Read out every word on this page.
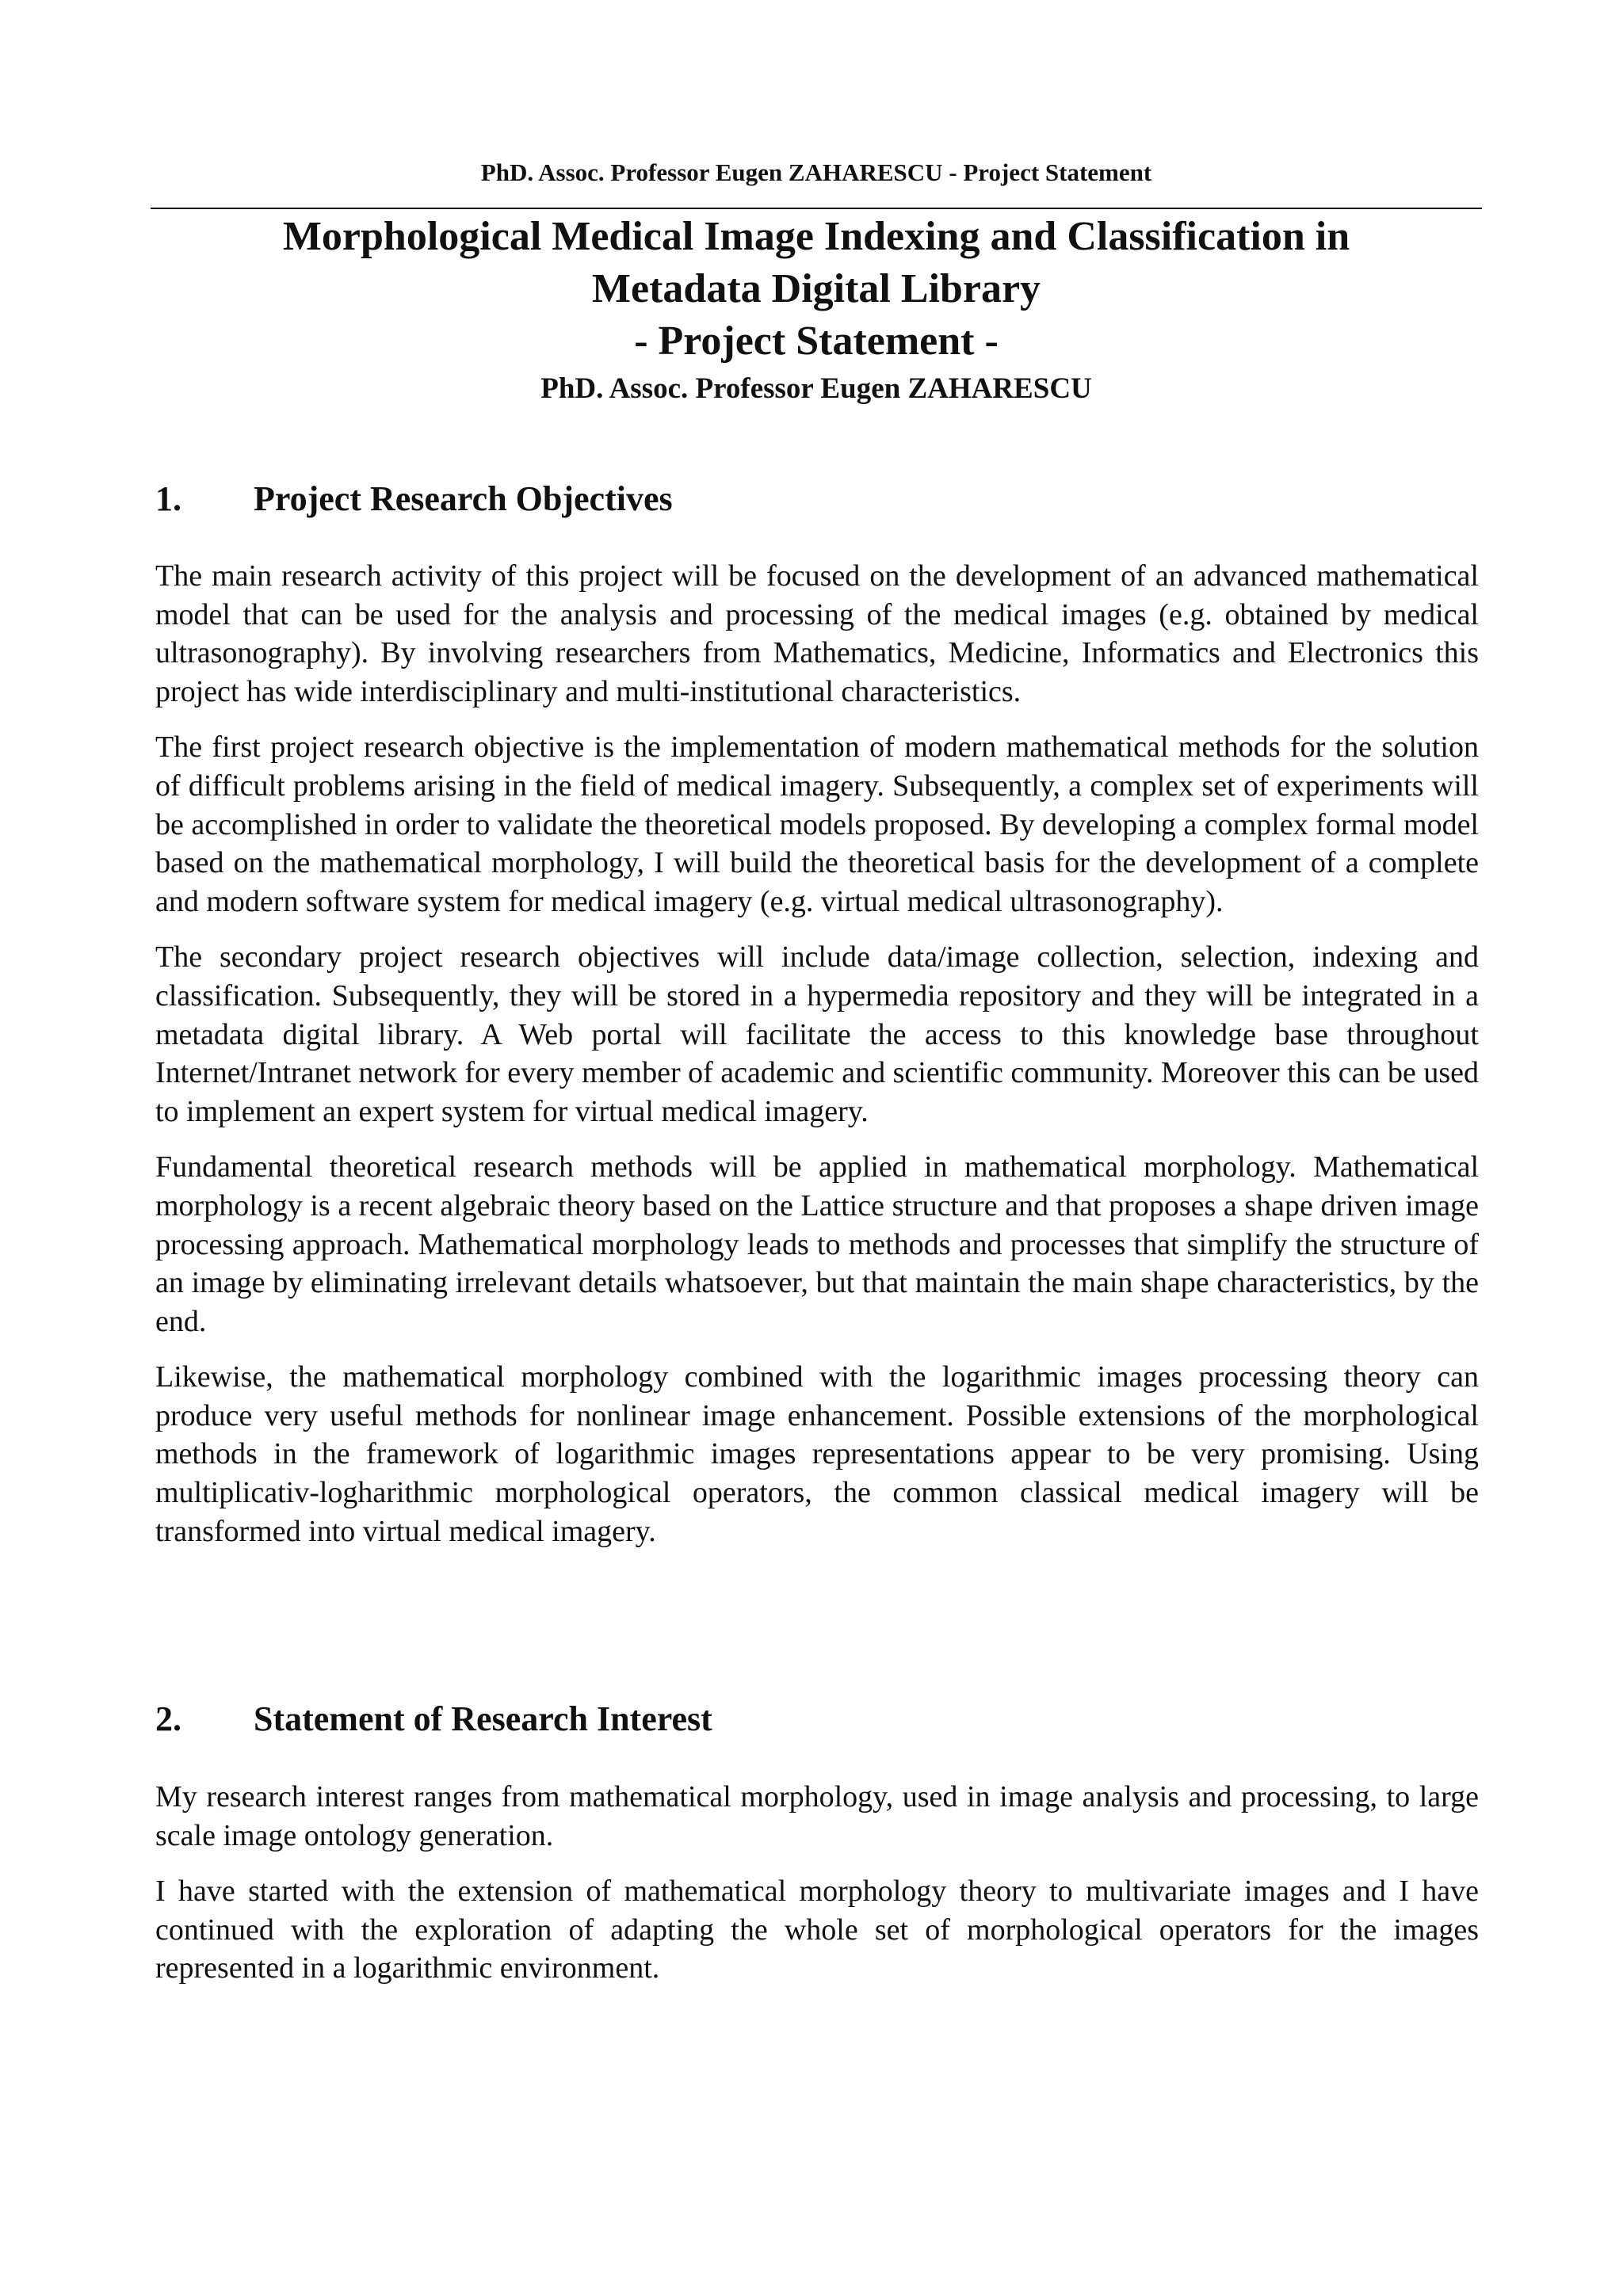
PhD. Assoc. Professor Eugen ZAHARESCU - Project Statement
Morphological Medical Image Indexing and Classification in
Metadata Digital Library
- Project Statement -
PhD. Assoc. Professor Eugen ZAHARESCU
1. Project Research Objectives

The main research activity of this project will be focused on the development of an advanced mathematical model that can be used for the analysis and processing of the medical images (e.g. obtained by medical ultrasonography). By involving researchers from Mathematics, Medicine, Informatics and Electronics this project has wide interdisciplinary and multi-institutional characteristics.

The first project research objective is the implementation of modern mathematical methods for the solution of difficult problems arising in the field of medical imagery. Subsequently, a complex set of experiments will be accomplished in order to validate the theoretical models proposed. By developing a complex formal model based on the mathematical morphology, I will build the theoretical basis for the development of a complete and modern software system for medical imagery (e.g. virtual medical ultrasonography).

The secondary project research objectives will include data/image collection, selection, indexing and classification. Subsequently, they will be stored in a hypermedia repository and they will be integrated in a metadata digital library. A Web portal will facilitate the access to this knowledge base throughout Internet/Intranet network for every member of academic and scientific community. Moreover this can be used to implement an expert system for virtual medical imagery.

Fundamental theoretical research methods will be applied in mathematical morphology. Mathematical morphology is a recent algebraic theory based on the Lattice structure and that proposes a shape driven image processing approach. Mathematical morphology leads to methods and processes that simplify the structure of an image by eliminating irrelevant details whatsoever, but that maintain the main shape characteristics, by the end.

Likewise, the mathematical morphology combined with the logarithmic images processing theory can produce very useful methods for nonlinear image enhancement. Possible extensions of the morphological methods in the framework of logarithmic images representations appear to be very promising. Using multiplicativ-logharithmic morphological operators, the common classical medical imagery will be transformed into virtual medical imagery.

2. Statement of Research Interest

My research interest ranges from mathematical morphology, used in image analysis and processing, to large scale image ontology generation.

I have started with the extension of mathematical morphology theory to multivariate images and I have continued with the exploration of adapting the whole set of morphological operators for the images represented in a logarithmic environment.
